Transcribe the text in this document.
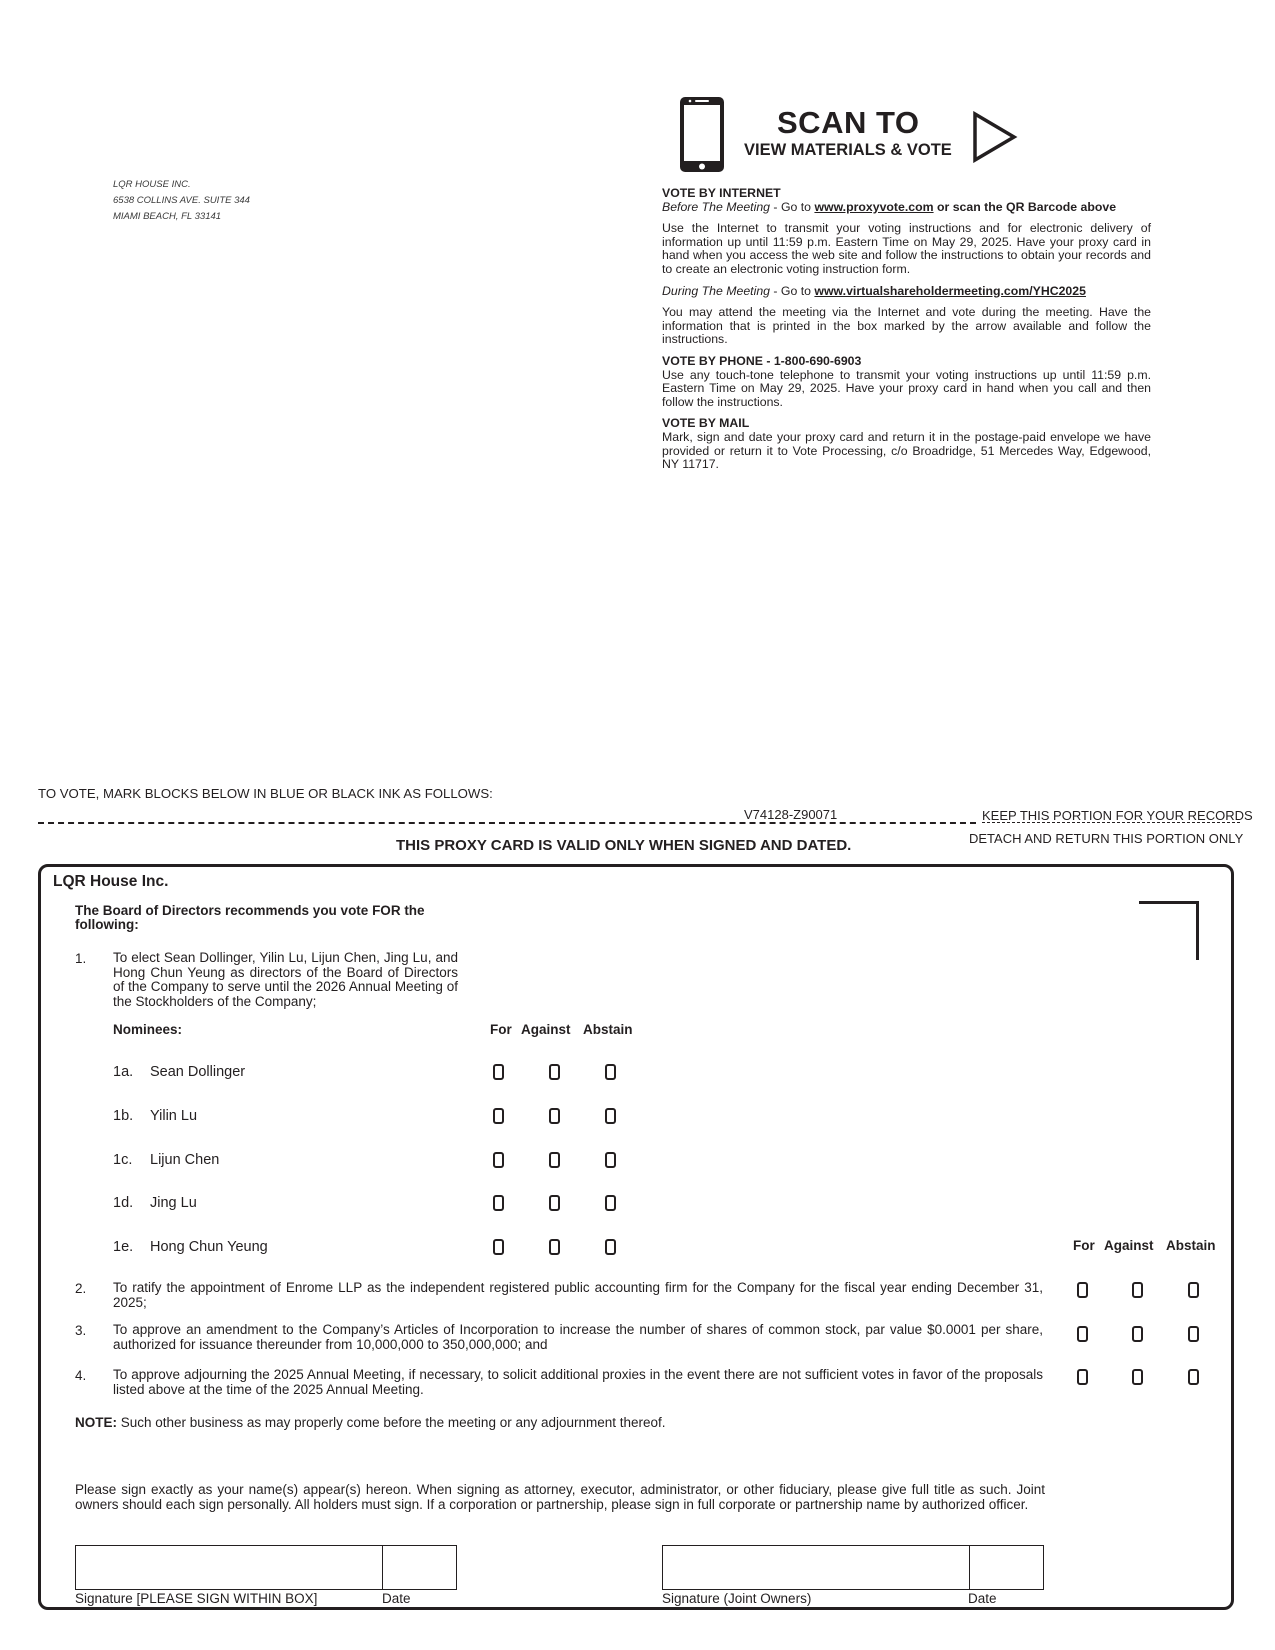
LQR HOUSE INC.
6538 COLLINS AVE. SUITE 344
MIAMI BEACH, FL 33141
SCAN TO
VIEW MATERIALS & VOTE

VOTE BY INTERNET
Before The Meeting - Go to www.proxyvote.com or scan the QR Barcode above

Use the Internet to transmit your voting instructions and for electronic delivery of information up until 11:59 p.m. Eastern Time on May 29, 2025. Have your proxy card in hand when you access the web site and follow the instructions to obtain your records and to create an electronic voting instruction form.

During The Meeting - Go to www.virtualshareholdermeeting.com/YHC2025

You may attend the meeting via the Internet and vote during the meeting. Have the information that is printed in the box marked by the arrow available and follow the instructions.

VOTE BY PHONE - 1-800-690-6903
Use any touch-tone telephone to transmit your voting instructions up until 11:59 p.m. Eastern Time on May 29, 2025. Have your proxy card in hand when you call and then follow the instructions.

VOTE BY MAIL
Mark, sign and date your proxy card and return it in the postage-paid envelope we have provided or return it to Vote Processing, c/o Broadridge, 51 Mercedes Way, Edgewood, NY 11717.

TO VOTE, MARK BLOCKS BELOW IN BLUE OR BLACK INK AS FOLLOWS:
V74128-Z90071	KEEP THIS PORTION FOR YOUR RECORDS
DETACH AND RETURN THIS PORTION ONLY
THIS PROXY CARD IS VALID ONLY WHEN SIGNED AND DATED.
LQR House Inc.
The Board of Directors recommends you vote FOR the following:
1. To elect Sean Dollinger, Yilin Lu, Lijun Chen, Jing Lu, and Hong Chun Yeung as directors of the Board of Directors of the Company to serve until the 2026 Annual Meeting of the Stockholders of the Company;
Nominees:	For Against Abstain
1a. Sean Dollinger
1b. Yilin Lu
1c. Lijun Chen
1d. Jing Lu
1e. Hong Chun Yeung	For Against Abstain
2. To ratify the appointment of Enrome LLP as the independent registered public accounting firm for the Company for the fiscal year ending December 31, 2025;
3. To approve an amendment to the Company’s Articles of Incorporation to increase the number of shares of common stock, par value $0.0001 per share, authorized for issuance thereunder from 10,000,000 to 350,000,000; and
4. To approve adjourning the 2025 Annual Meeting, if necessary, to solicit additional proxies in the event there are not sufficient votes in favor of the proposals listed above at the time of the 2025 Annual Meeting.
NOTE: Such other business as may properly come before the meeting or any adjournment thereof.
Please sign exactly as your name(s) appear(s) hereon. When signing as attorney, executor, administrator, or other fiduciary, please give full title as such. Joint owners should each sign personally. All holders must sign. If a corporation or partnership, please sign in full corporate or partnership name by authorized officer.
Signature [PLEASE SIGN WITHIN BOX]	Date	Signature (Joint Owners)	Date
